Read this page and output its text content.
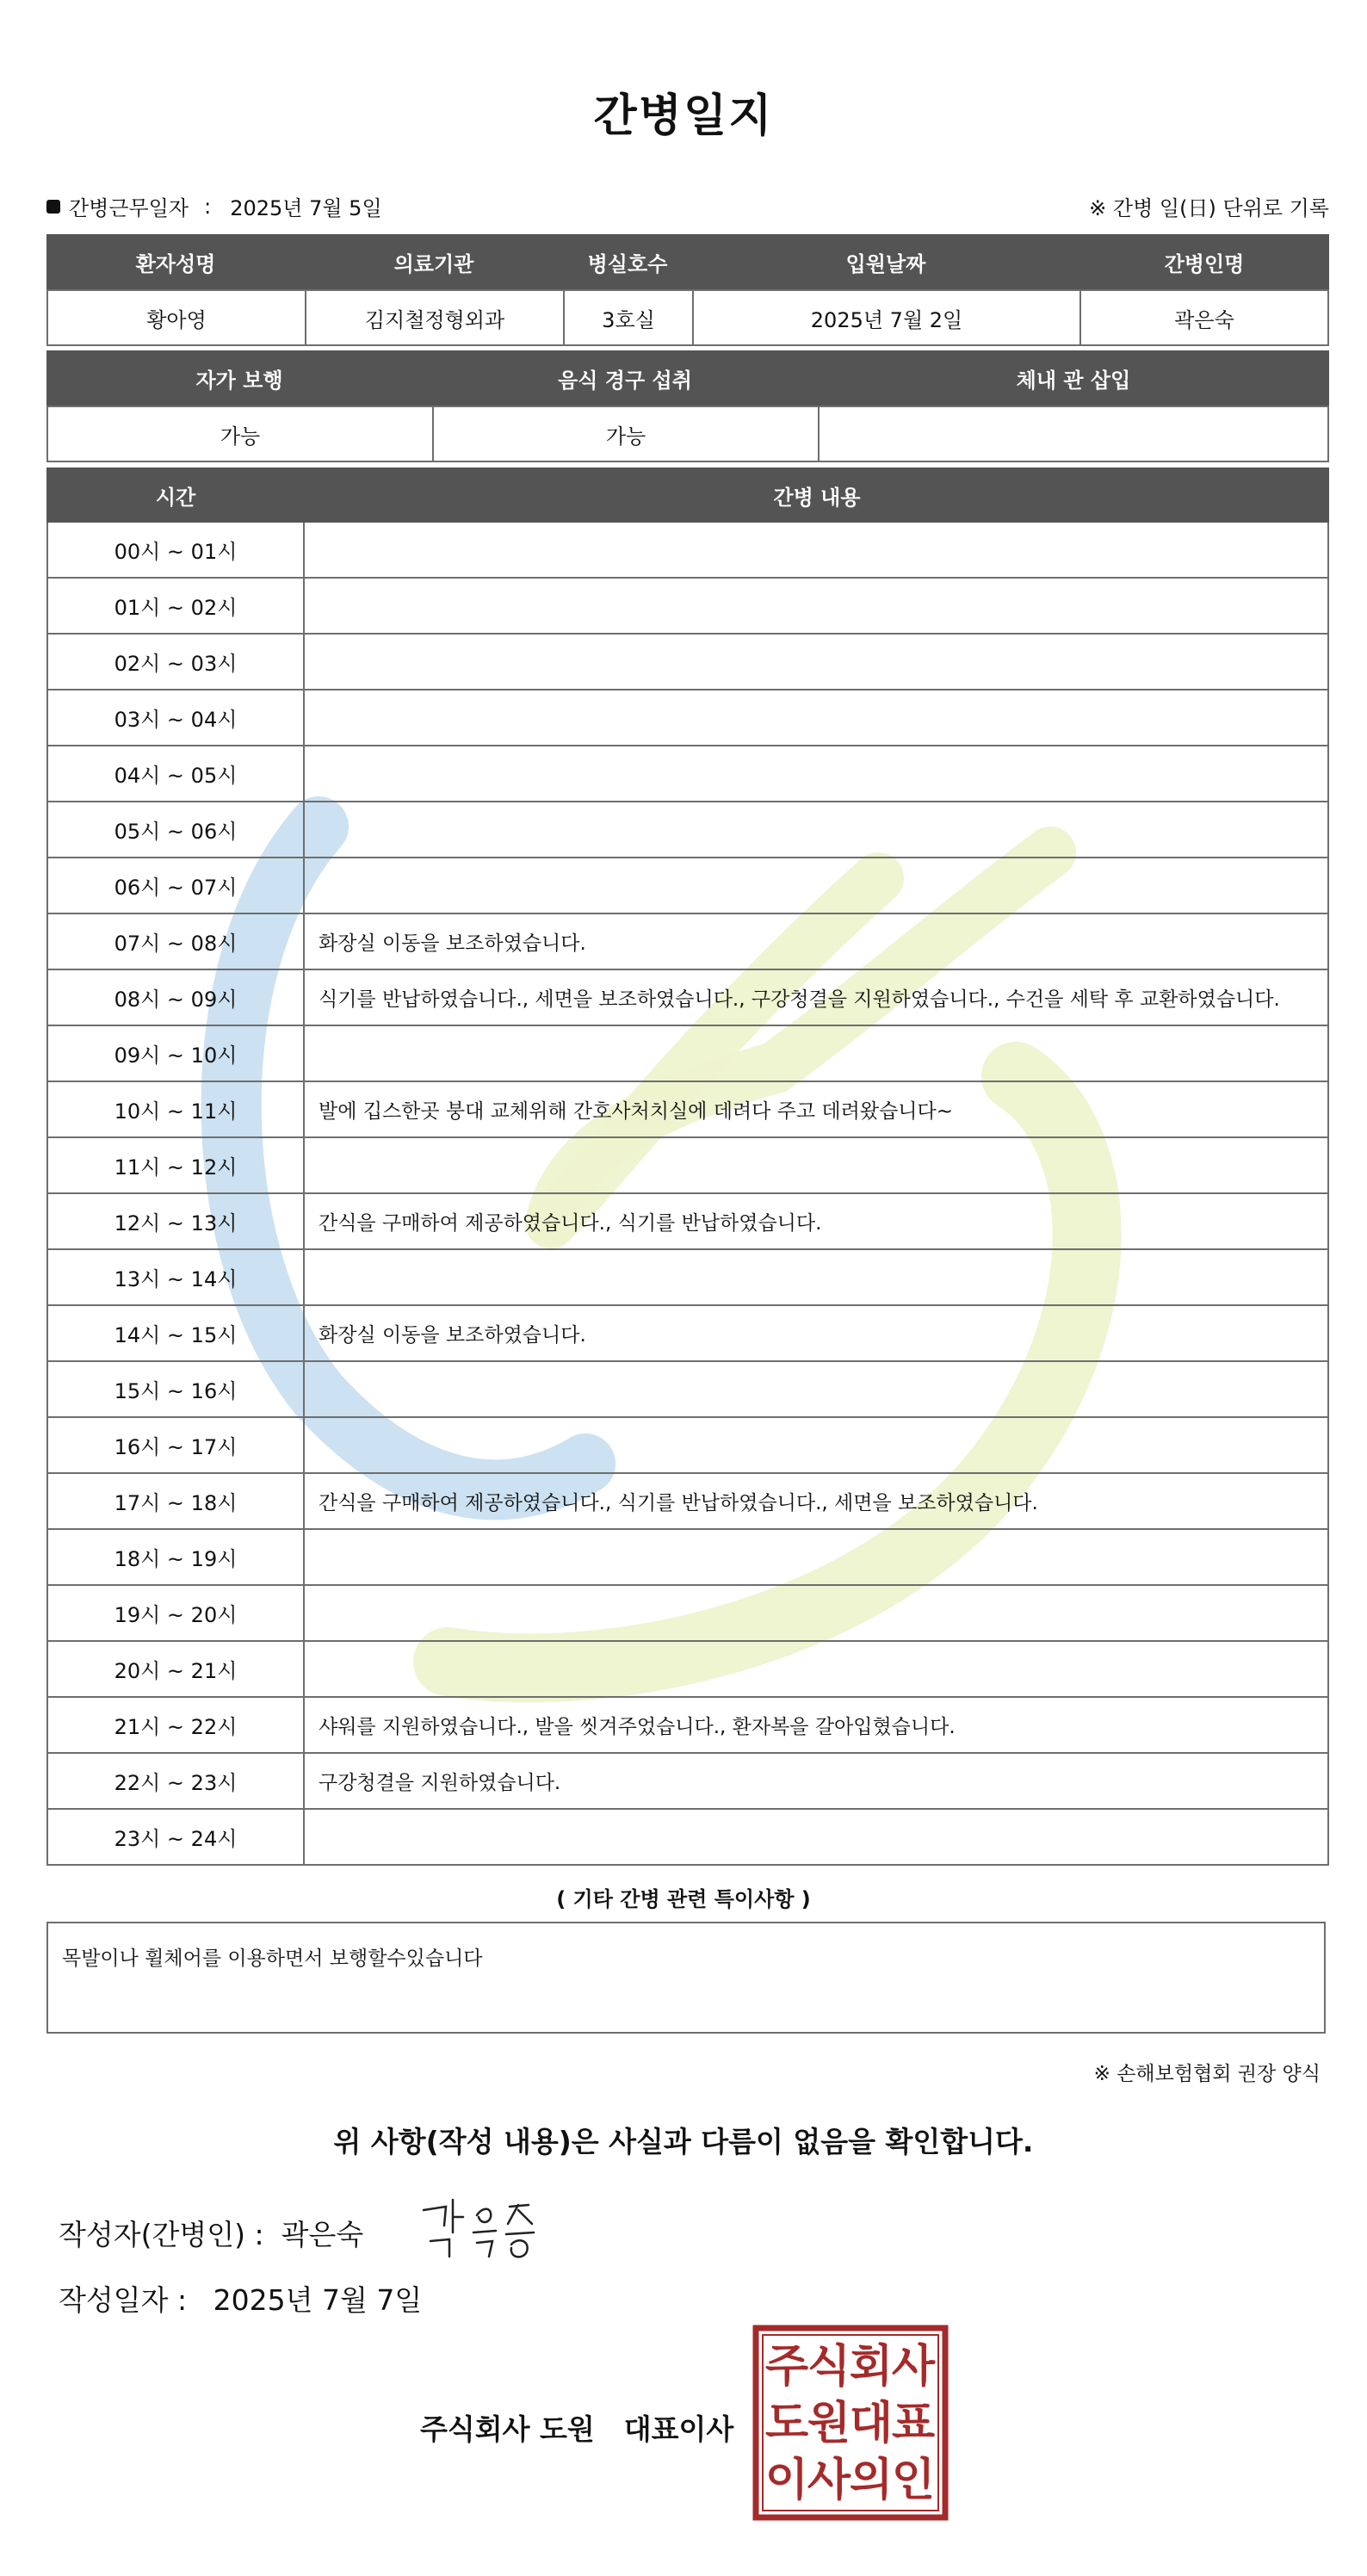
간병일지
간병근무일자 : 2025년 7월 5일	※ 간병 일(日) 단위로 기록
환자성명	의료기관	병실호수	입원날짜	간병인명
황아영	김지철정형외과	3호실	2025년 7월 2일	곽은숙
자가 보행	음식 경구 섭취	체내 관 삽입
가능	가능	
시간	간병 내용
00시 ~ 01시	
01시 ~ 02시	
02시 ~ 03시	
03시 ~ 04시	
04시 ~ 05시	
05시 ~ 06시	
06시 ~ 07시	
07시 ~ 08시	화장실 이동을 보조하였습니다.
08시 ~ 09시	식기를 반납하였습니다., 세면을 보조하였습니다., 구강청결을 지원하였습니다., 수건을 세탁 후 교환하였습니다.
09시 ~ 10시	
10시 ~ 11시	발에 깁스한곳 붕대 교체위해 간호사처치실에 데려다 주고 데려왔습니다~
11시 ~ 12시	
12시 ~ 13시	간식을 구매하여 제공하였습니다., 식기를 반납하였습니다.
13시 ~ 14시	
14시 ~ 15시	화장실 이동을 보조하였습니다.
15시 ~ 16시	
16시 ~ 17시	
17시 ~ 18시	간식을 구매하여 제공하였습니다., 식기를 반납하였습니다., 세면을 보조하였습니다.
18시 ~ 19시	
19시 ~ 20시	
20시 ~ 21시	
21시 ~ 22시	샤워를 지원하였습니다., 발을 씻겨주었습니다., 환자복을 갈아입혔습니다.
22시 ~ 23시	구강청결을 지원하였습니다.
23시 ~ 24시	
( 기타 간병 관련 특이사항 )
목발이나 휠체어를 이용하면서 보행할수있습니다
※ 손해보험협회 권장 양식
위 사항(작성 내용)은 사실과 다름이 없음을 확인합니다.
작성자(간병인) : 곽은숙
작성일자 : 2025년 7월 7일
주식회사 도원 대표이사
주
식
회
사
도
원
대
표
이
사
의
인
